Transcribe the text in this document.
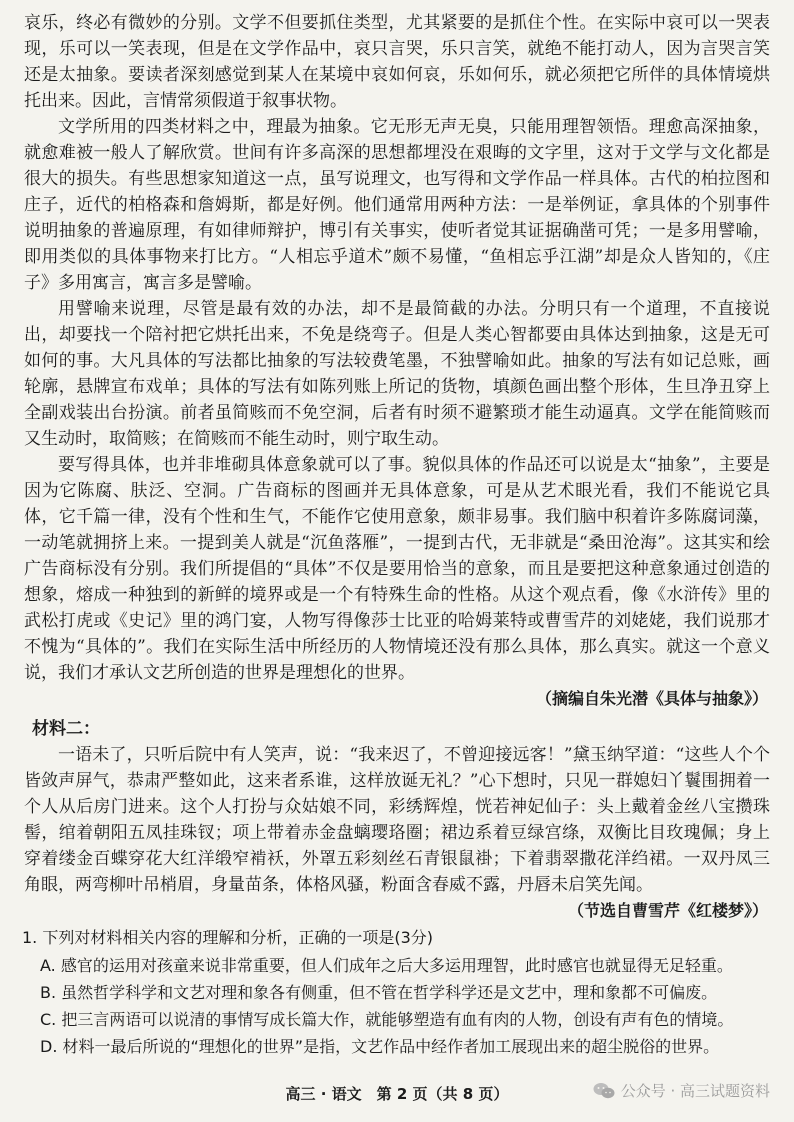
哀乐，终必有微妙的分别。文学不但要抓住类型，尤其紧要的是抓住个性。在实际中哀可以一哭表现，乐可以一笑表现，但是在文学作品中，哀只言哭，乐只言笑，就绝不能打动人，因为言哭言笑还是太抽象。要读者深刻感觉到某人在某境中哀如何哀，乐如何乐，就必须把它所伴的具体情境烘托出来。因此，言情常须假道于叙事状物。

文学所用的四类材料之中，理最为抽象。它无形无声无臭，只能用理智领悟。理愈高深抽象，就愈难被一般人了解欣赏。世间有许多高深的思想都埋没在艰晦的文字里，这对于文学与文化都是很大的损失。有些思想家知道这一点，虽写说理文，也写得和文学作品一样具体。古代的柏拉图和庄子，近代的柏格森和詹姆斯，都是好例。他们通常用两种方法：一是举例证，拿具体的个别事件说明抽象的普遍原理，有如律师辩护，博引有关事实，使听者觉其证据确凿可凭；一是多用譬喻，即用类似的具体事物来打比方。“人相忘乎道术”颇不易懂，“鱼相忘乎江湖”却是众人皆知的，《庄子》多用寓言，寓言多是譬喻。

用譬喻来说理，尽管是最有效的办法，却不是最简截的办法。分明只有一个道理，不直接说出，却要找一个陪衬把它烘托出来，不免是绕弯子。但是人类心智都要由具体达到抽象，这是无可如何的事。大凡具体的写法都比抽象的写法较费笔墨，不独譬喻如此。抽象的写法有如记总账，画轮廓，悬牌宣布戏单；具体的写法有如陈列账上所记的货物，填颜色画出整个形体，生旦净丑穿上全副戏装出台扮演。前者虽简赅而不免空洞，后者有时须不避繁琐才能生动逼真。文学在能简赅而又生动时，取简赅；在简赅而不能生动时，则宁取生动。

要写得具体，也并非堆砌具体意象就可以了事。貌似具体的作品还可以说是太“抽象”，主要是因为它陈腐、肤泛、空洞。广告商标的图画并无具体意象，可是从艺术眼光看，我们不能说它具体，它千篇一律，没有个性和生气，不能作它使用意象，颇非易事。我们脑中积着许多陈腐词藻，一动笔就拥挤上来。一提到美人就是“沉鱼落雁”，一提到古代，无非就是“桑田沧海”。这其实和绘广告商标没有分别。我们所提倡的“具体”不仅是要用恰当的意象，而且是要把这种意象通过创造的想象，熔成一种独到的新鲜的境界或是一个有特殊生命的性格。从这个观点看，像《水浒传》里的武松打虎或《史记》里的鸿门宴，人物写得像莎士比亚的哈姆莱特或曹雪芹的刘姥姥，我们说那才不愧为“具体的”。我们在实际生活中所经历的人物情境还没有那么具体，那么真实。就这一个意义说，我们才承认文艺所创造的世界是理想化的世界。

（摘编自朱光潜《具体与抽象》）

材料二：

一语未了，只听后院中有人笑声，说：“我来迟了，不曾迎接远客！”黛玉纳罕道：“这些人个个皆敛声屏气，恭肃严整如此，这来者系谁，这样放诞无礼？”心下想时，只见一群媳妇丫鬟围拥着一个人从后房门进来。这个人打扮与众姑娘不同，彩绣辉煌，恍若神妃仙子：头上戴着金丝八宝攒珠髻，绾着朝阳五凤挂珠钗；项上带着赤金盘螭璎珞圈；裙边系着豆绿宫绦，双衡比目玫瑰佩；身上穿着缕金百蝶穿花大红洋缎窄褃袄，外罩五彩刻丝石青银鼠褂；下着翡翠撒花洋绉裙。一双丹凤三角眼，两弯柳叶吊梢眉，身量苗条，体格风骚，粉面含春威不露，丹唇未启笑先闻。

（节选自曹雪芹《红楼梦》）

1. 下列对材料相关内容的理解和分析，正确的一项是(3分)

A. 感官的运用对孩童来说非常重要，但人们成年之后大多运用理智，此时感官也就显得无足轻重。

B. 虽然哲学科学和文艺对理和象各有侧重，但不管在哲学科学还是文艺中，理和象都不可偏废。

C. 把三言两语可以说清的事情写成长篇大作，就能够塑造有血有肉的人物，创设有声有色的情境。

D. 材料一最后所说的“理想化的世界”是指，文艺作品中经作者加工展现出来的超尘脱俗的世界。

高三 · 语文　第 2 页（共 8 页）	公众号 · 高三试题资料
